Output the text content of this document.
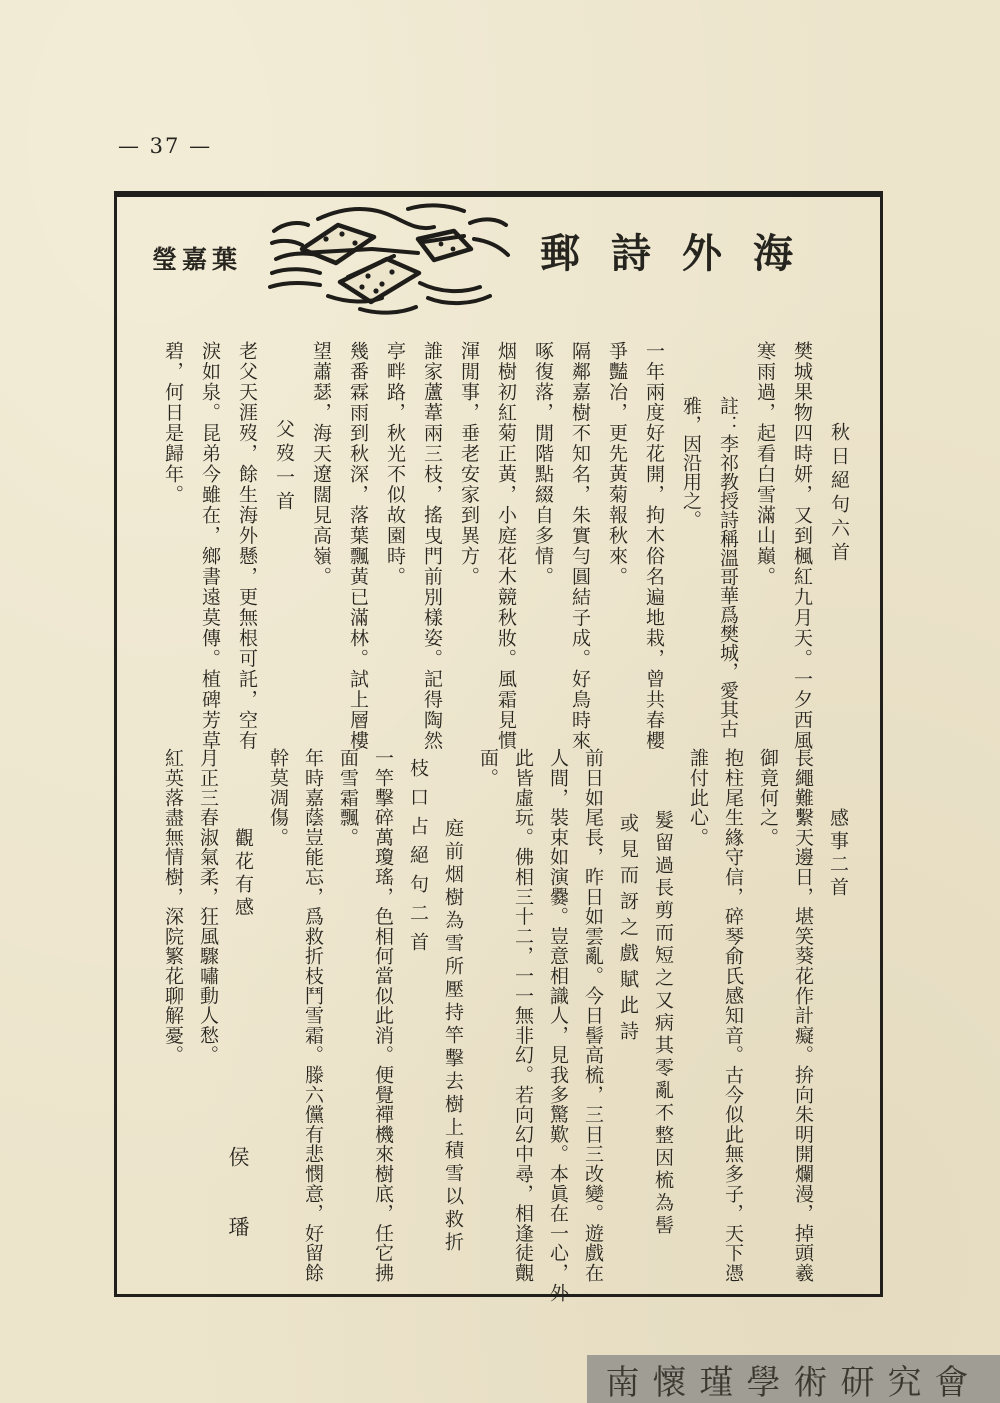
— 37 —
瑩嘉葉	郵詩外海
秋日絕句六首
樊城果物四時妍，又到楓紅九月天。一夕西風
寒雨過，起看白雪滿山巔。
註：李祁教授詩稱溫哥華爲樊城，愛其古
雅，因沿用之。
一年兩度好花開，拘木俗名遍地栽，曾共春櫻
爭豔冶，更先黃菊報秋來。
隔鄰嘉樹不知名，朱實勻圓結子成。好鳥時來
啄復落，閒階點綴自多情。
烟樹初紅菊正黃，小庭花木競秋妝。風霜見慣
渾閒事，垂老安家到異方。
誰家蘆葦兩三枝，搖曳門前別樣姿。記得陶然
亭畔路，秋光不似故園時。
幾番霖雨到秋深，落葉飄黃已滿林。試上層樓
望蕭瑟，海天遼闊見高嶺。
父歿一首
老父天涯歿，餘生海外懸，更無根可託，空有
淚如泉。昆弟今雖在，鄉書遠莫傳。植碑芳草
碧，何日是歸年。
感事二首
長繩難繫天邊日，堪笑葵花作計癡。拚向朱明開爛漫，掉頭羲
御竟何之。
抱柱尾生緣守信，碎琴俞氏感知音。古今似此無多子，天下憑
誰付此心。
髮留過長剪而短之又病其零亂不整因梳為髻
或見而訝之戲賦此詩
前日如尾長，昨日如雲亂。今日髻高梳，三日三改變。遊戲在
人間，裝束如演爨。豈意相識人，見我多驚歎。本眞在一心，外
此皆虛玩。佛相三十二，一一無非幻。若向幻中尋，相逢徒覿
面。
庭前烟樹為雪所壓持竿擊去樹上積雪以救折
枝口占絕句二首
一竿擊碎萬瓊瑤，色相何當似此消。便覺禪機來樹底，任它拂
面雪霜飄。
年時嘉蔭豈能忘，爲救折枝鬥雪霜。滕六儻有悲憫意，好留餘
幹莫凋傷。
觀花有感
月正三春淑氣柔，狂風驟嘯動人愁。
紅英落盡無情樹，深院繁花聊解憂。
侯　璠
南懷瑾學術研究會
